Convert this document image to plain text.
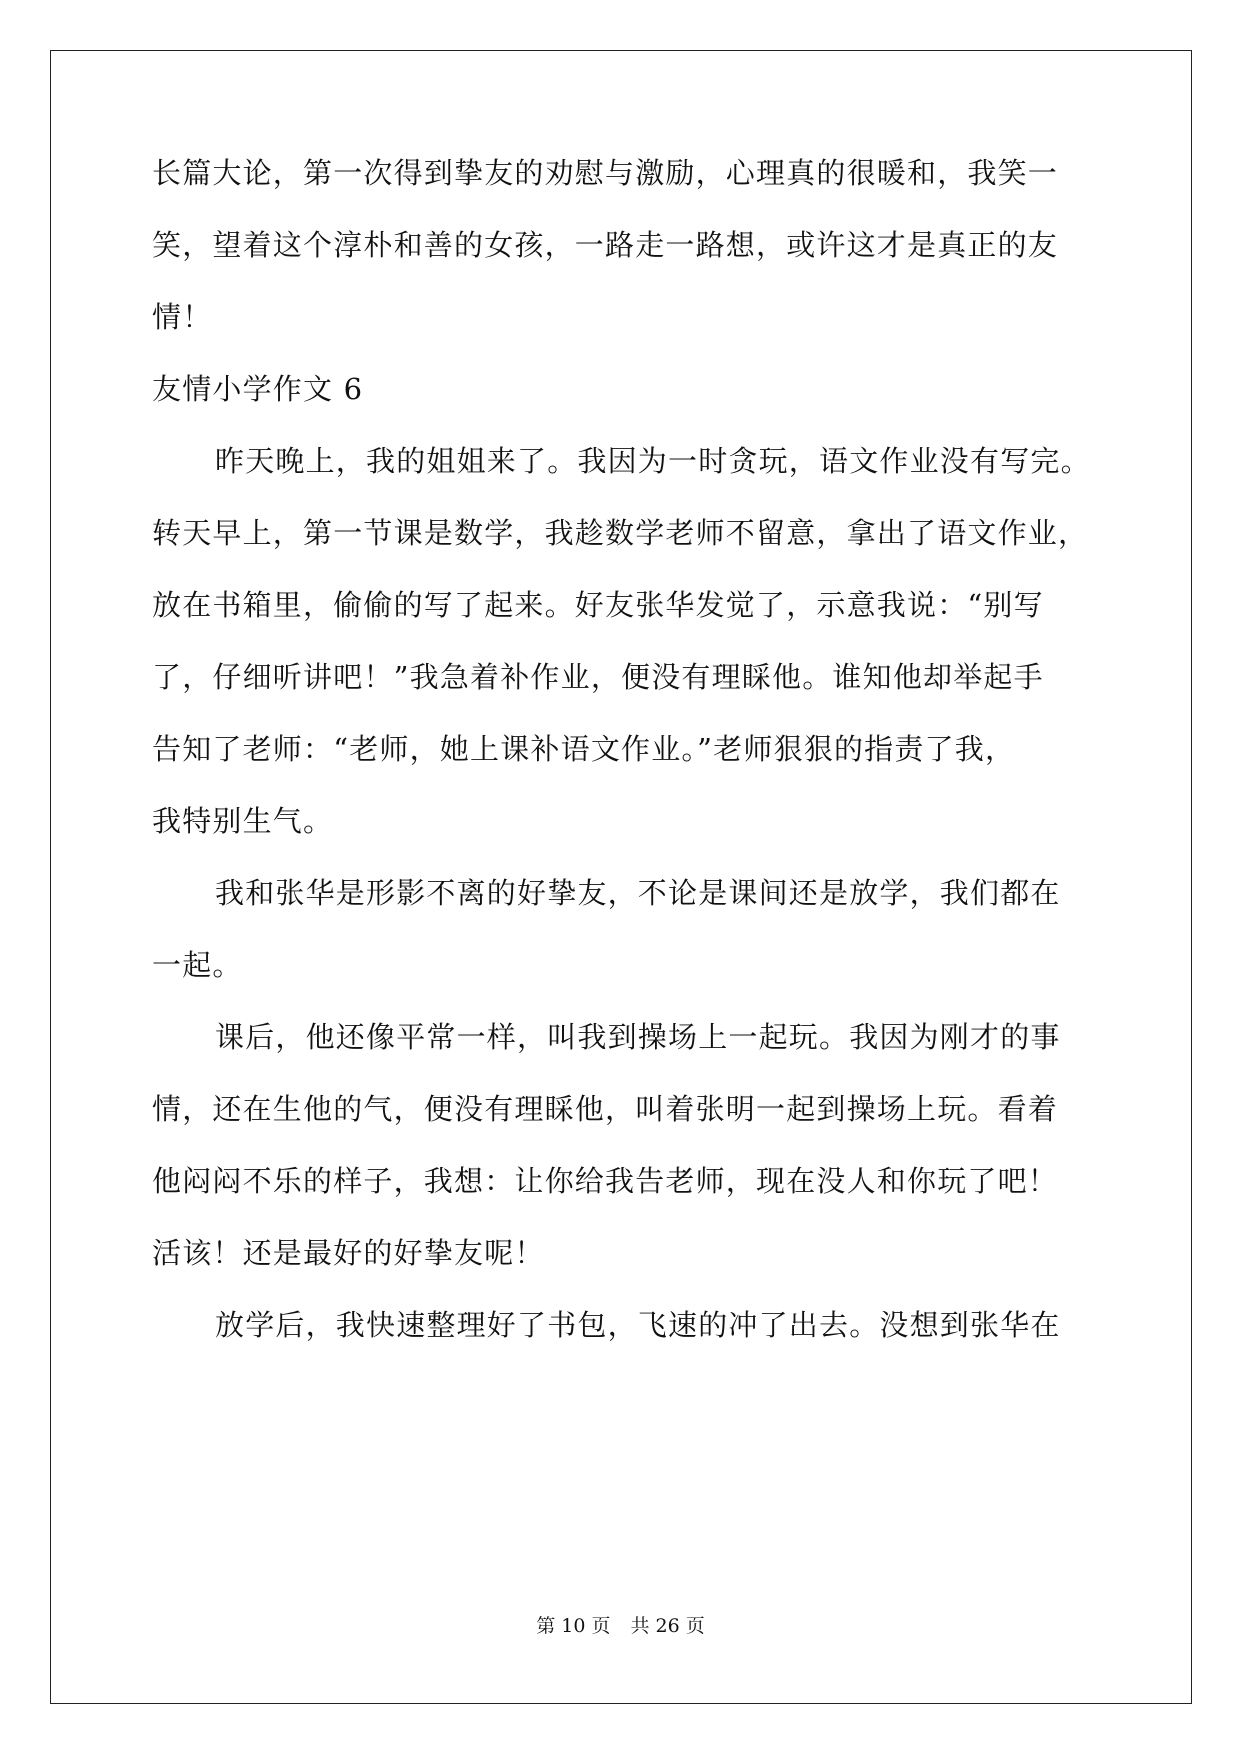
长篇大论，第一次得到挚友的劝慰与激励，心理真的很暖和，我笑一
笑，望着这个淳朴和善的女孩，一路走一路想，或许这才是真正的友
情！
友情小学作文 6
昨天晚上，我的姐姐来了。我因为一时贪玩，语文作业没有写完。
转天早上，第一节课是数学，我趁数学老师不留意，拿出了语文作业，
放在书箱里，偷偷的写了起来。好友张华发觉了，示意我说：“别写
了，仔细听讲吧！”我急着补作业，便没有理睬他。谁知他却举起手
告知了老师：“老师，她上课补语文作业。”老师狠狠的指责了我，
我特别生气。
我和张华是形影不离的好挚友，不论是课间还是放学，我们都在
一起。
课后，他还像平常一样，叫我到操场上一起玩。我因为刚才的事
情，还在生他的气，便没有理睬他，叫着张明一起到操场上玩。看着
他闷闷不乐的样子，我想：让你给我告老师，现在没人和你玩了吧！
活该！还是最好的好挚友呢！
放学后，我快速整理好了书包，飞速的冲了出去。没想到张华在
第 10 页 共 26 页
